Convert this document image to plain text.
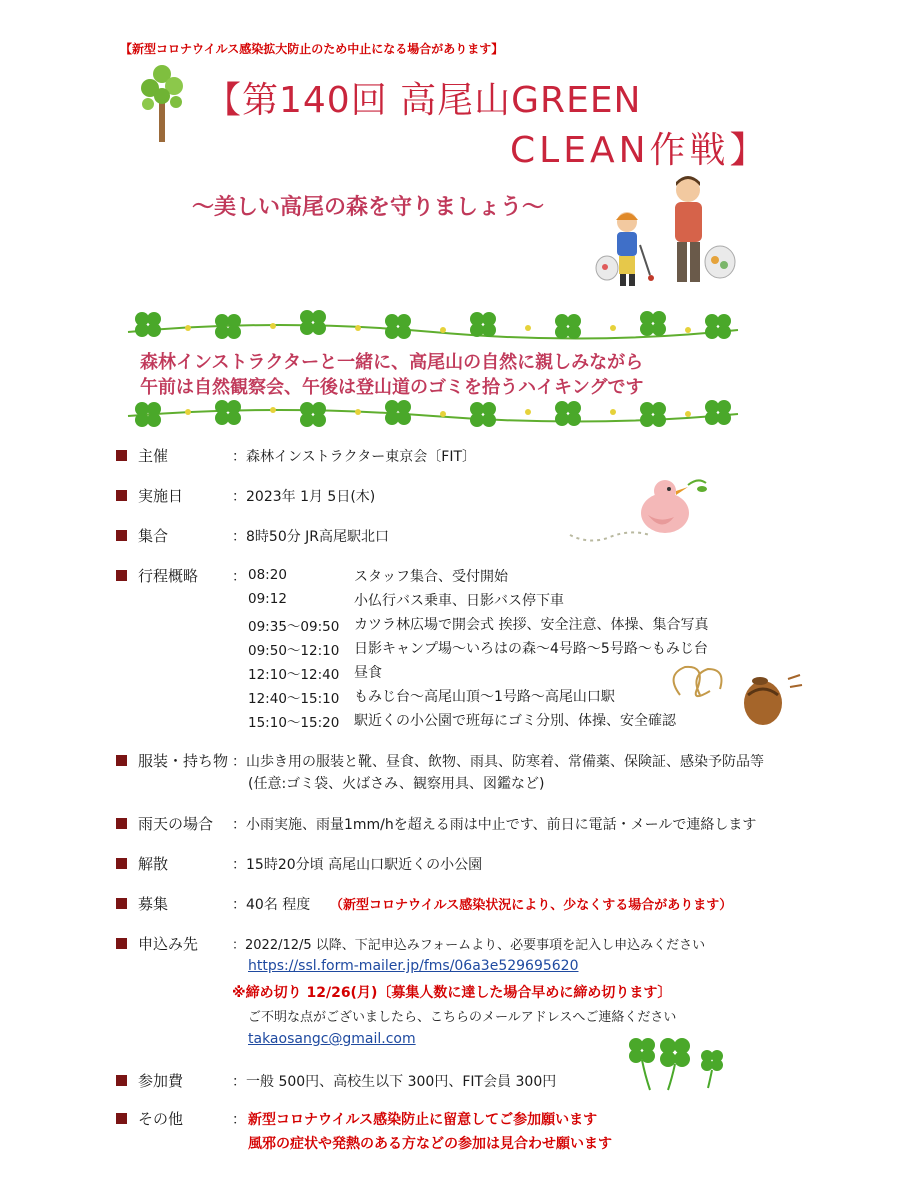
【新型コロナウイルス感染拡大防止のため中止になる場合があります】
【第140回 高尾山GREEN
CLEAN作戦】
～美しい高尾の森を守りましょう～
森林インストラクターと一緒に、高尾山の自然に親しみながら
午前は自然観察会、午後は登山道のゴミを拾うハイキングです
主催	：森林インストラクター東京会〔FIT〕
実施日	：2023年 1月 5日(木)
集合	：8時50分 JR高尾駅北口
行程概略 ： 08:20	スタッフ集合、受付開始
09:12	小仏行バス乗車、日影バス停下車
09:35～09:50 カツラ林広場で開会式 挨拶、安全注意、体操、集合写真
09:50～12:10 日影キャンプ場～いろはの森～4号路～5号路～もみじ台
12:10～12:40 昼食
12:40～15:10 もみじ台～高尾山頂～1号路～高尾山口駅
15:10～15:20 駅近くの小公園で班毎にゴミ分別、体操、安全確認
服装・持ち物 ：山歩き用の服装と靴、昼食、飲物、雨具、防寒着、常備薬、保険証、感染予防品等
(任意:ゴミ袋、火ばさみ、観察用具、図鑑など)
雨天の場合 ：小雨実施、雨量1mm/hを超える雨は中止です、前日に電話・メールで連絡します
解散	：15時20分頃 高尾山口駅近くの小公園
募集	：40名 程度 （新型コロナウイルス感染状況により、少なくする場合があります）
申込み先	：2022/12/5 以降、下記申込みフォームより、必要事項を記入し申込みください
https://ssl.form-mailer.jp/fms/06a3e529695620
※締め切り 12/26(月)〔募集人数に達した場合早めに締め切ります〕
ご不明な点がございましたら、こちらのメールアドレスへご連絡ください
takaosangc@gmail.com
参加費	：一般 500円、高校生以下 300円、FIT会員 300円
その他	： 新型コロナウイルス感染防止に留意してご参加願います
風邪の症状や発熱のある方などの参加は見合わせ願います
